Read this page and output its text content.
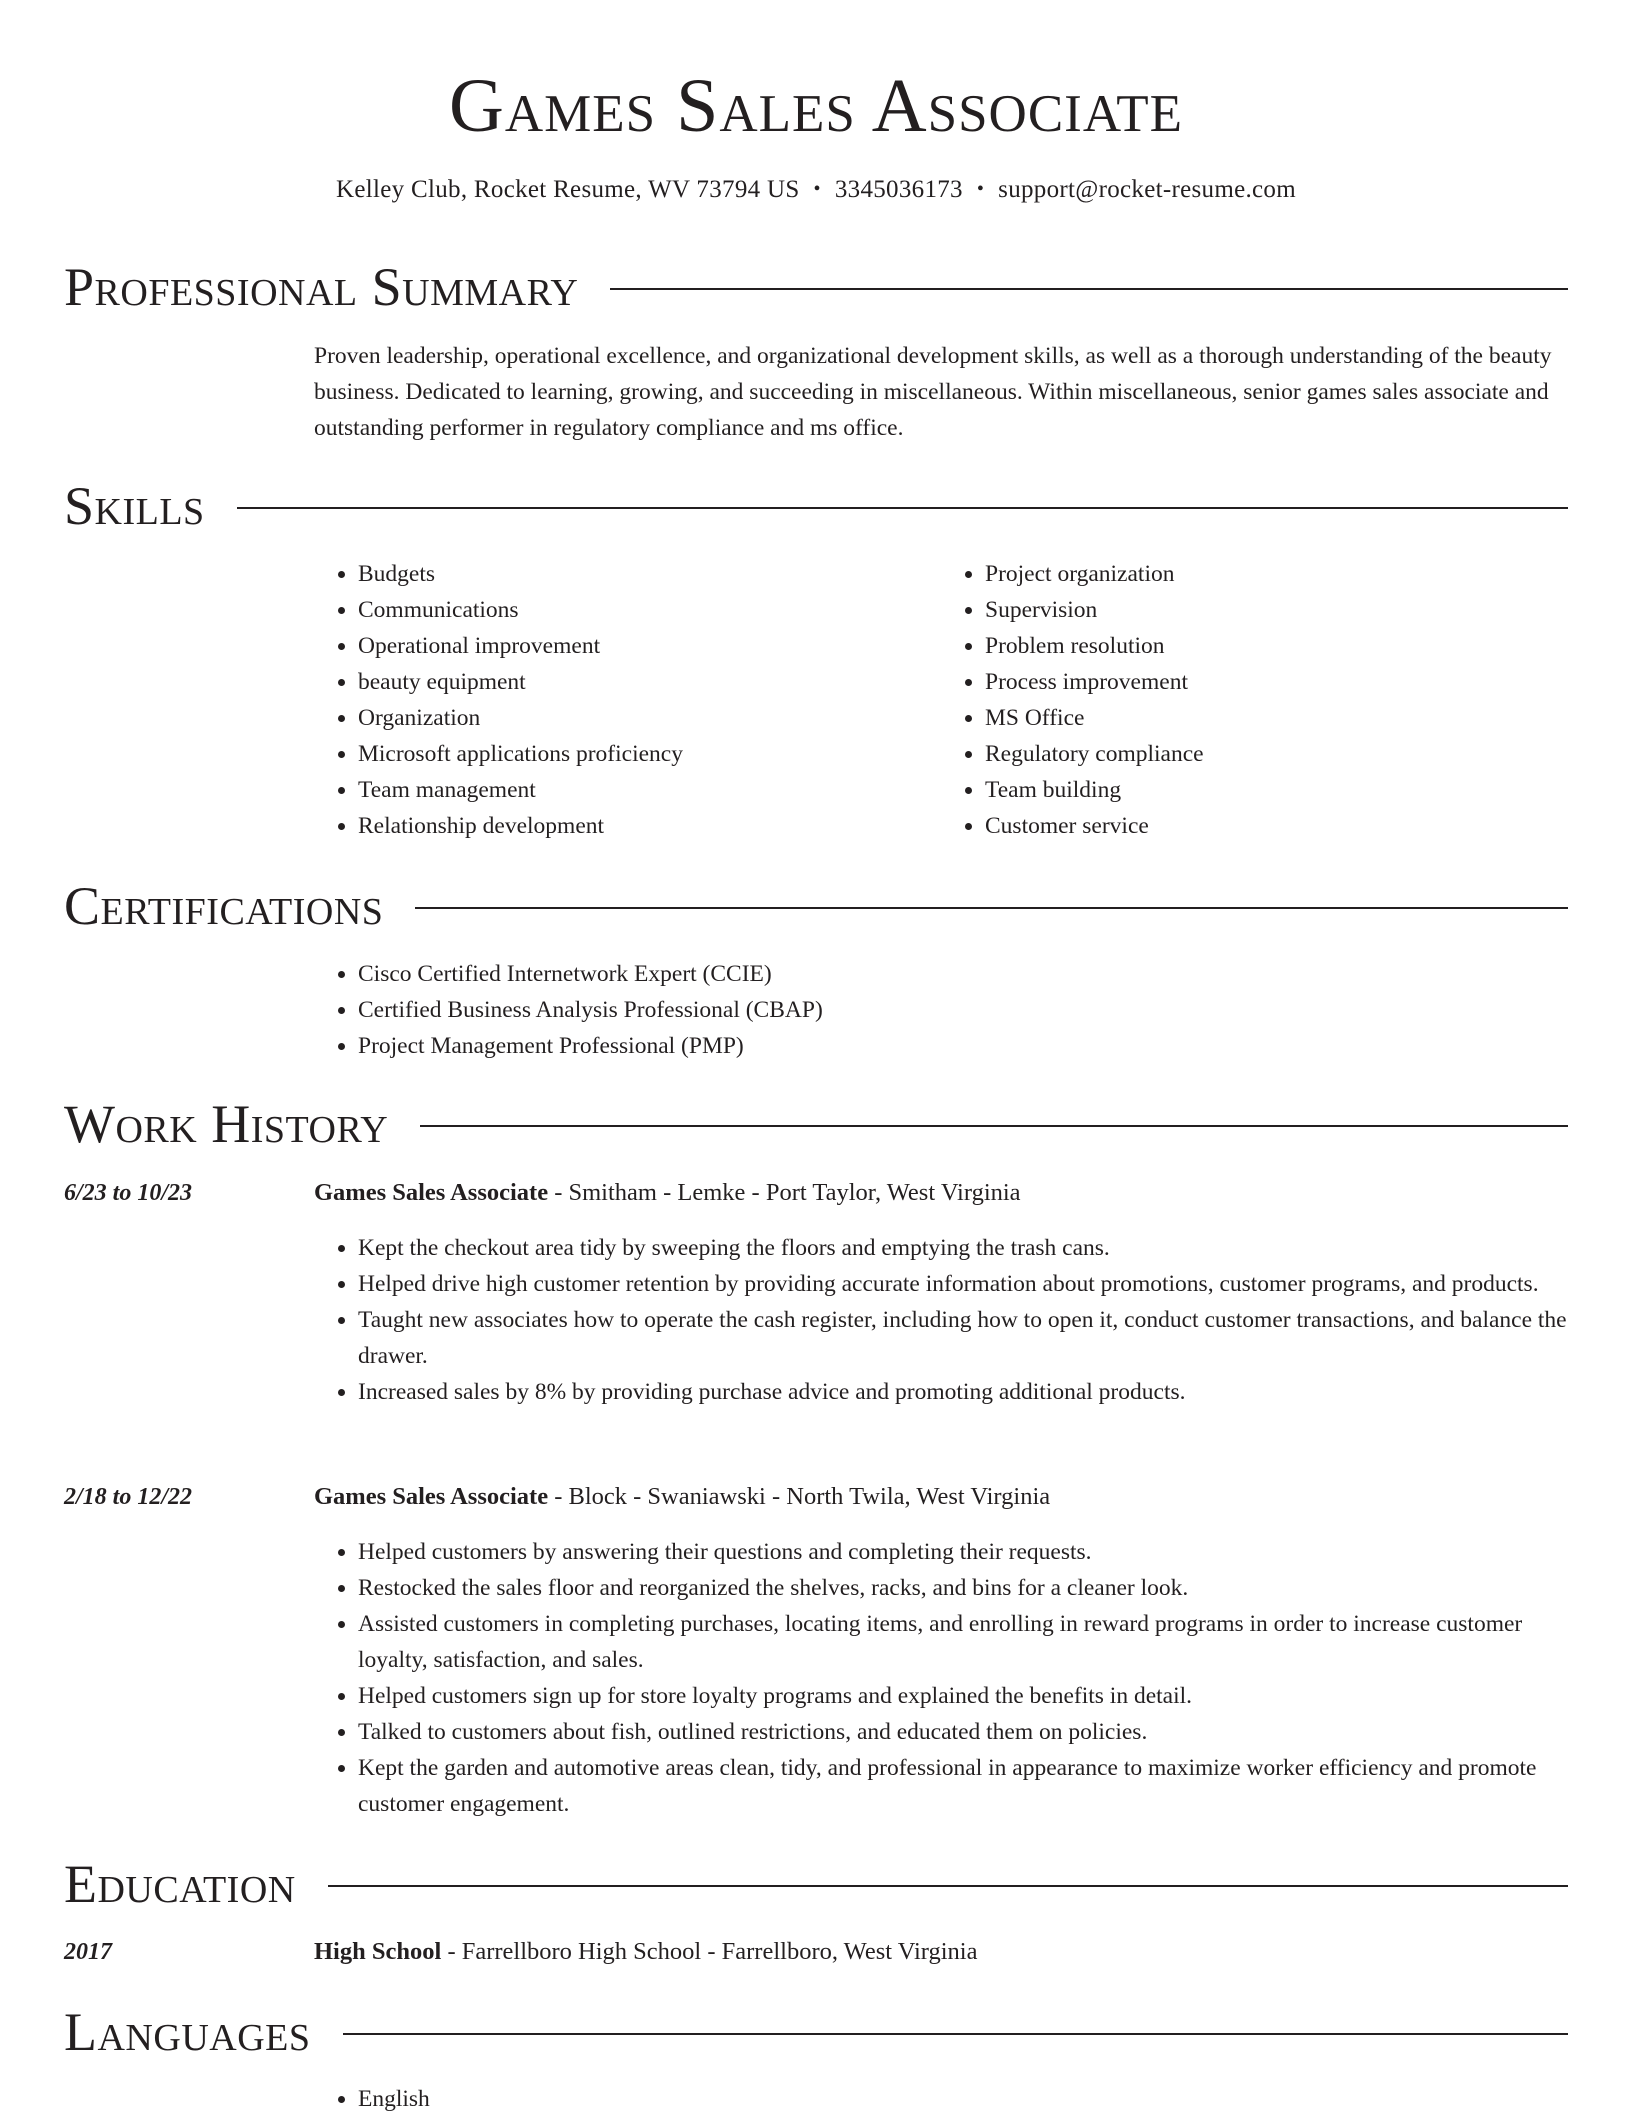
Games Sales Associate
Kelley Club, Rocket Resume, WV 73794 US • 3345036173 • support@rocket-resume.com
Professional Summary

Proven leadership, operational excellence, and organizational development skills, as well as a thorough understanding of the beauty business. Dedicated to learning, growing, and succeeding in miscellaneous. Within miscellaneous, senior games sales associate and outstanding performer in regulatory compliance and ms office.

Skills
• Budgets
• Communications
• Operational improvement
• beauty equipment
• Organization
• Microsoft applications proficiency
• Team management
• Relationship development
• Project organization
• Supervision
• Problem resolution
• Process improvement
• MS Office
• Regulatory compliance
• Team building
• Customer service
Certifications
• Cisco Certified Internetwork Expert (CCIE)
• Certified Business Analysis Professional (CBAP)
• Project Management Professional (PMP)
Work History
6/23 to 10/23	Games Sales Associate - Smitham - Lemke - Port Taylor, West Virginia
• Kept the checkout area tidy by sweeping the floors and emptying the trash cans.
• Helped drive high customer retention by providing accurate information about promotions, customer programs, and products.
• Taught new associates how to operate the cash register, including how to open it, conduct customer transactions, and balance the drawer.
• Increased sales by 8% by providing purchase advice and promoting additional products.
2/18 to 12/22	Games Sales Associate - Block - Swaniawski - North Twila, West Virginia
• Helped customers by answering their questions and completing their requests.
• Restocked the sales floor and reorganized the shelves, racks, and bins for a cleaner look.
• Assisted customers in completing purchases, locating items, and enrolling in reward programs in order to increase customer loyalty, satisfaction, and sales.
• Helped customers sign up for store loyalty programs and explained the benefits in detail.
• Talked to customers about fish, outlined restrictions, and educated them on policies.
• Kept the garden and automotive areas clean, tidy, and professional in appearance to maximize worker efficiency and promote customer engagement.
Education
2017	High School - Farrellboro High School - Farrellboro, West Virginia
Languages
• English
